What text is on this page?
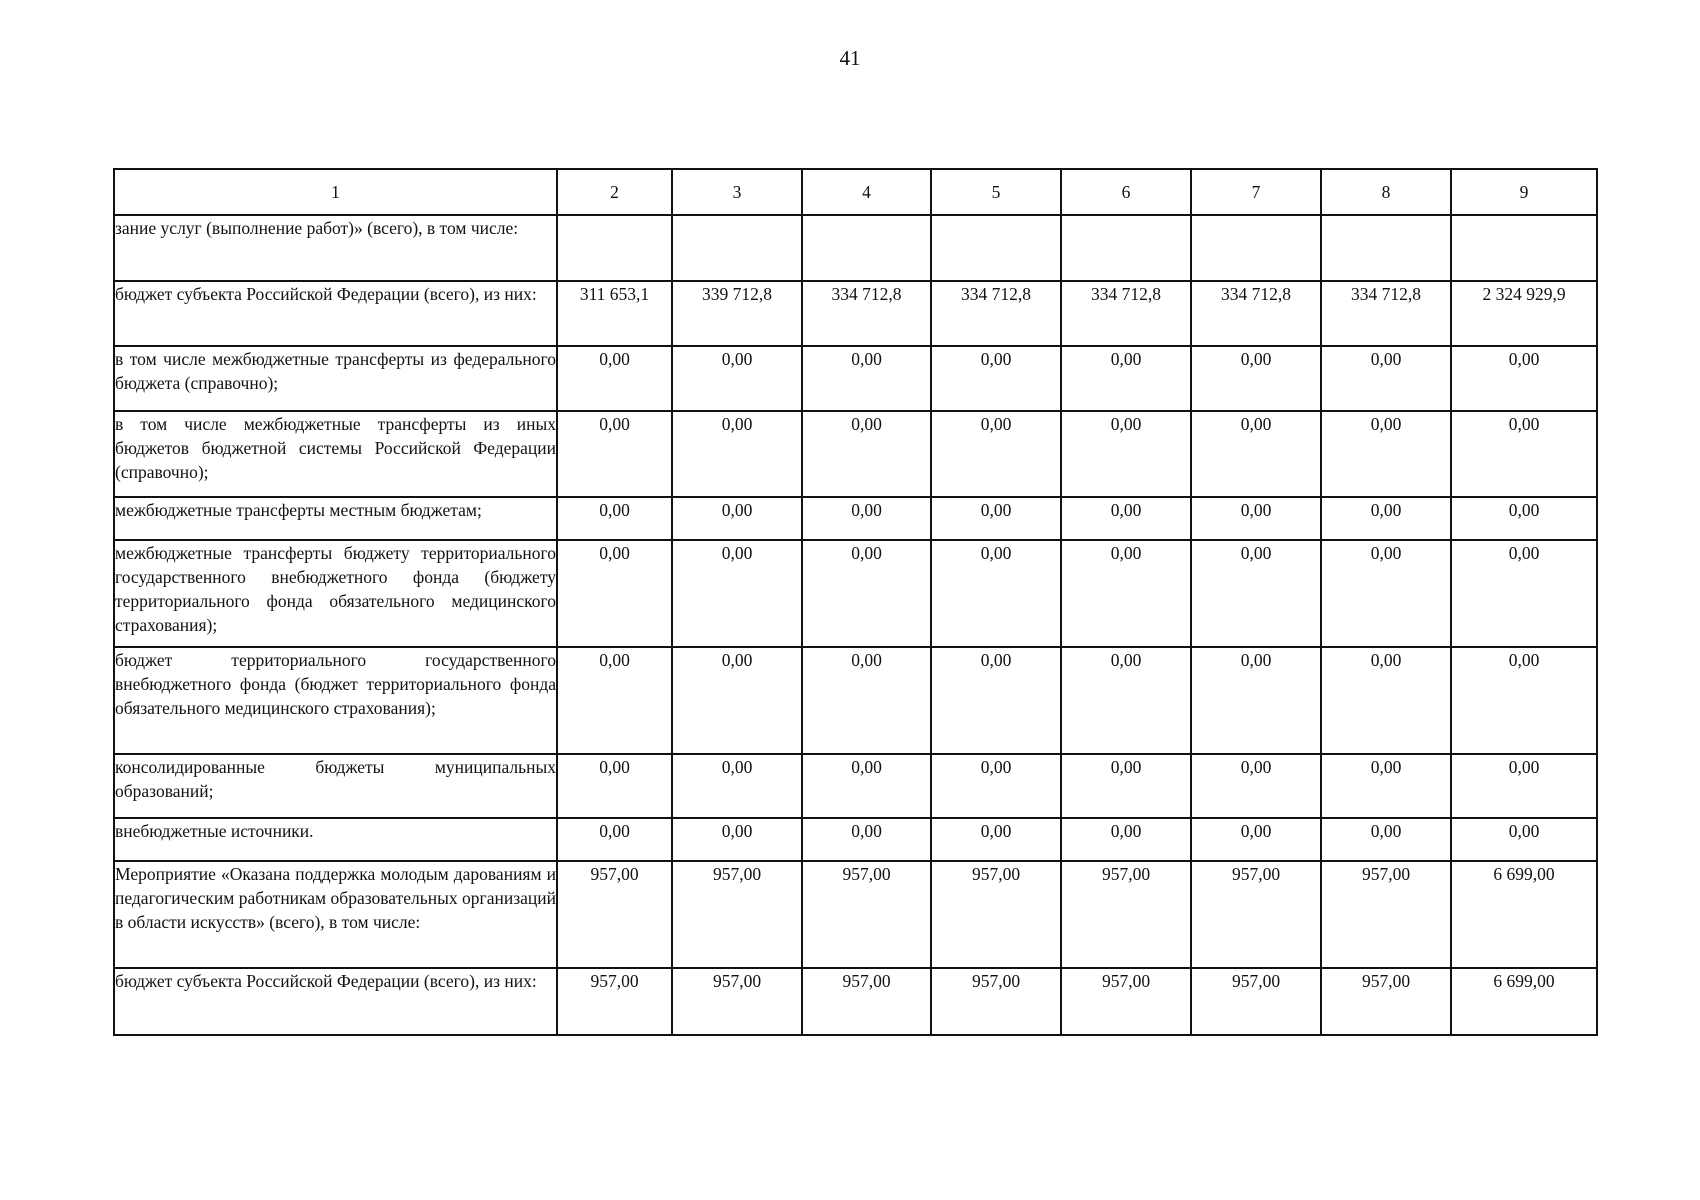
41
1	2	3	4	5	6	7	8	9
зание услуг (выполнение работ)» (всего), в том числе:								
бюджет субъекта Российской Федерации (всего), из них:	311 653,1	339 712,8	334 712,8	334 712,8	334 712,8	334 712,8	334 712,8	2 324 929,9
в том числе межбюджетные трансферты из федерального бюджета (справочно);	0,00	0,00	0,00	0,00	0,00	0,00	0,00	0,00
в том числе межбюджетные трансферты из иных бюджетов бюджетной системы Российской Федерации (справочно);	0,00	0,00	0,00	0,00	0,00	0,00	0,00	0,00
межбюджетные трансферты местным бюджетам;	0,00	0,00	0,00	0,00	0,00	0,00	0,00	0,00
межбюджетные трансферты бюджету территориального государственного внебюджетного фонда (бюджету территориального фонда обязательного медицинского страхования);	0,00	0,00	0,00	0,00	0,00	0,00	0,00	0,00
бюджет территориального государственного внебюджетного фонда (бюджет территориального фонда обязательного медицинского страхования);	0,00	0,00	0,00	0,00	0,00	0,00	0,00	0,00
консолидированные бюджеты муниципальных образований;	0,00	0,00	0,00	0,00	0,00	0,00	0,00	0,00
внебюджетные источники.	0,00	0,00	0,00	0,00	0,00	0,00	0,00	0,00
Мероприятие «Оказана поддержка молодым дарованиям и педагогическим работникам образовательных организаций в области искусств» (всего), в том числе:	957,00	957,00	957,00	957,00	957,00	957,00	957,00	6 699,00
бюджет субъекта Российской Федерации (всего), из них:	957,00	957,00	957,00	957,00	957,00	957,00	957,00	6 699,00
